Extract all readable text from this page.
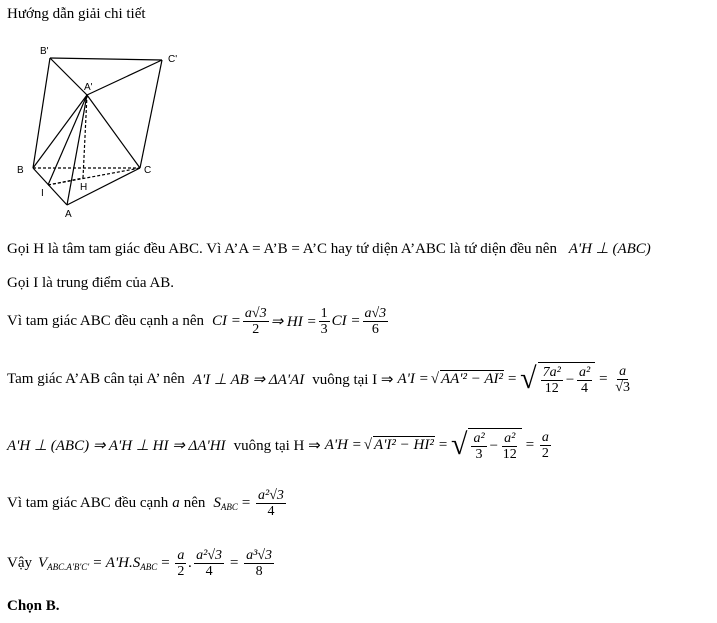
Hướng dẫn giải chi tiết
B'
C'
A'
B	C
H
I
A
Gọi H là tâm tam giác đều ABC. Vì A’A = A’B = A’C hay tứ diện A’ABC là tứ diện đều nên A'H ⊥ (ABC)
Gọi I là trung điểm của AB.
Vì tam giác ABC đều cạnh a nên CI = $\frac{a√3}{2}$ ⇒ HI = $\frac{1}{3}$ CI = $\frac{a√3}{6}$
Tam giác A’AB cân tại A’ nên A'I ⊥ AB ⇒ ΔA'AI vuông tại I ⇒ A'I = √ AA'² − AI² = √ $\frac{\text{7a²}}{12} - \frac{\text{a²}}{4} = \frac{a}{√3}$
A'H ⊥ (ABC) ⇒ A'H ⊥ HI ⇒ ΔA'HI vuông tại H ⇒ A'H = √ A'I² − HI² = √ $\frac{\text{a²}}{3} - \frac{\text{a²}}{12} = \frac{a}{2}$
Vì tam giác ABC đều cạnh a nên $S_{ABC} = \frac{\text{a²√3}}{4}$
Vậy $V_{ABC.A'B'C'} = A'H.S_{ABC} = \frac{a}{2}$ . $\frac{\text{a²√3}}{4} = \frac{\text{a³√3}}{8}$
Chọn B.
